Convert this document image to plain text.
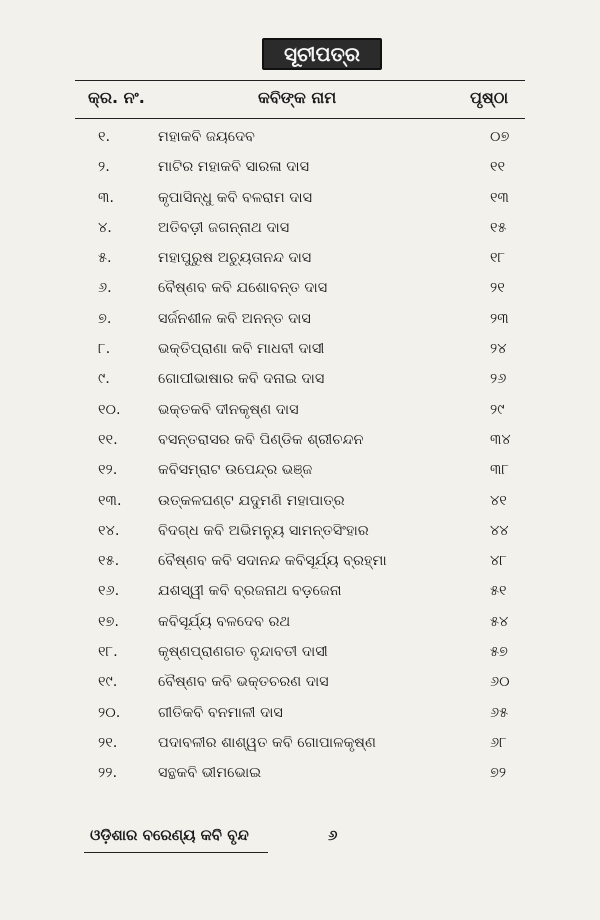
ସୂଚୀପତ୍ର
କ୍ର. ନଂ.	କବିଙ୍କ ନାମ	ପୃଷ୍ଠା
୧.	ମହାକବି ଜୟଦେବ	୦୭
୨.	ମାଟିର ମହାକବି ସାରଳା ଦାସ	୧୧
୩.	କୃପାସିନ୍ଧୁ କବି ବଳରାମ ଦାସ	୧୩
୪.	ଅତିବଡ଼ୀ ଜଗନ୍ନାଥ ଦାସ	୧୫
୫.	ମହାପୁରୁଷ ଅଚ୍ୟୁତାନନ୍ଦ ଦାସ	୧୮
୬.	ବୈଷ୍ଣବ କବି ଯଶୋବନ୍ତ ଦାସ	୨୧
୭.	ସର୍ଜନଶୀଳ କବି ଅନନ୍ତ ଦାସ	୨୩
୮.	ଭକ୍ତିପ୍ରାଣା କବି ମାଧବୀ ଦାସୀ	୨୪
୯.	ଗୋପୀଭାଷାର କବି ଦନାଇ ଦାସ	୨୬
୧୦.	ଭକ୍ତକବି ଦୀନକୃଷ୍ଣ ଦାସ	୨୯
୧୧.	ବସନ୍ତରାସର କବି ପିଣ୍ଡିକ ଶ୍ରୀଚନ୍ଦନ	୩୪
୧୨.	କବିସମ୍ରାଟ ଉପେନ୍ଦ୍ର ଭଞ୍ଜ	୩୮
୧୩.	ଉତ୍କଳଘଣ୍ଟ ଯଦୁମଣି ମହାପାତ୍ର	୪୧
୧୪.	ବିଦଗ୍ଧ କବି ଅଭିମନ୍ୟୁ ସାମନ୍ତସିଂହାର	୪୪
୧୫.	ବୈଷ୍ଣବ କବି ସଦାନନ୍ଦ କବିସୂର୍ଯ୍ୟ ବ୍ରହ୍ମା	୪୮
୧୬.	ଯଶସ୍ୱୀ କବି ବ୍ରଜନାଥ ବଡ଼ଜେନା	୫୧
୧୭.	କବିସୂର୍ଯ୍ୟ ବଳଦେବ ରଥ	୫୪
୧୮.	କୃଷ୍ଣପ୍ରାଣଗତ ବୃନ୍ଦାବତୀ ଦାସୀ	୫୭
୧୯.	ବୈଷ୍ଣବ କବି ଭକ୍ତଚରଣ ଦାସ	୬୦
୨୦.	ଗୀତିକବି ବନମାଳୀ ଦାସ	୬୫
୨୧.	ପଦାବଳୀର ଶାଶ୍ୱତ କବି ଗୋପାଳକୃଷ୍ଣ	୬୮
୨୨.	ସନ୍ଥକବି ଭୀମଭୋଇ	୭୨
ଓଡ଼ିଶାର ବରେଣ୍ୟ କବି ବୃନ୍ଦ	୬
